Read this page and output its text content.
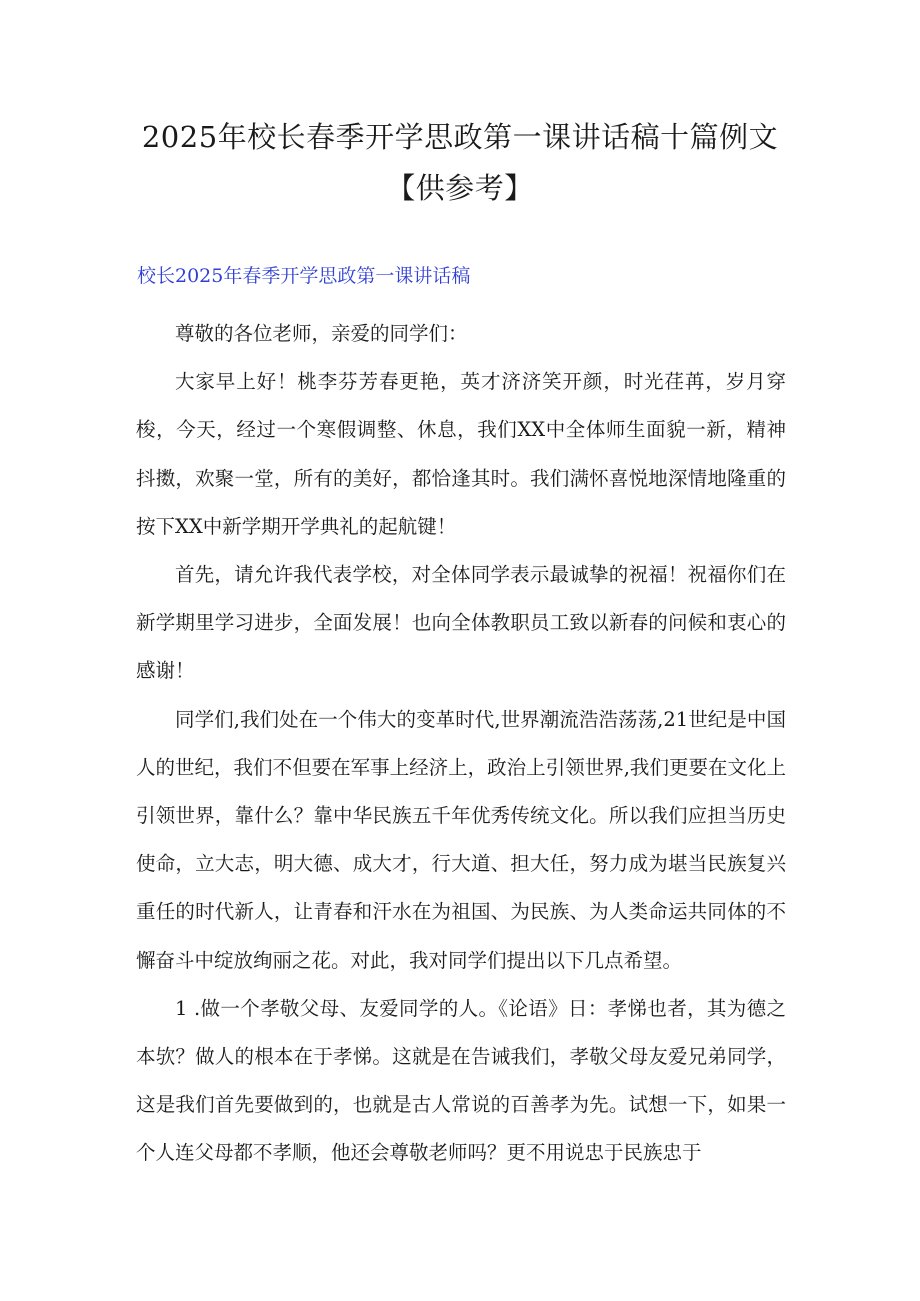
2025年校长春季开学思政第一课讲话稿十篇例文【供参考】
校长2025年春季开学思政第一课讲话稿

尊敬的各位老师，亲爱的同学们：

大家早上好！桃李芬芳春更艳，英才济济笑开颜，时光荏苒，岁月穿梭，今天，经过一个寒假调整、休息，我们XX中全体师生面貌一新，精神抖擞，欢聚一堂，所有的美好，都恰逢其时。我们满怀喜悦地深情地隆重的按下XX中新学期开学典礼的起航键！

首先，请允许我代表学校，对全体同学表示最诚挚的祝福！祝福你们在新学期里学习进步，全面发展！也向全体教职员工致以新春的问候和衷心的感谢！

同学们,我们处在一个伟大的变革时代,世界潮流浩浩荡荡,21世纪是中国人的世纪，我们不但要在军事上经济上，政治上引领世界,我们更要在文化上引领世界，靠什么？靠中华民族五千年优秀传统文化。所以我们应担当历史使命，立大志，明大德、成大才，行大道、担大任，努力成为堪当民族复兴重任的时代新人，让青春和汗水在为祖国、为民族、为人类命运共同体的不懈奋斗中绽放绚丽之花。对此，我对同学们提出以下几点希望。

1 .做一个孝敬父母、友爱同学的人。《论语》日：孝悌也者，其为德之本欤？做人的根本在于孝悌。这就是在告诫我们，孝敬父母友爱兄弟同学，这是我们首先要做到的，也就是古人常说的百善孝为先。试想一下，如果一个人连父母都不孝顺，他还会尊敬老师吗？更不用说忠于民族忠于
